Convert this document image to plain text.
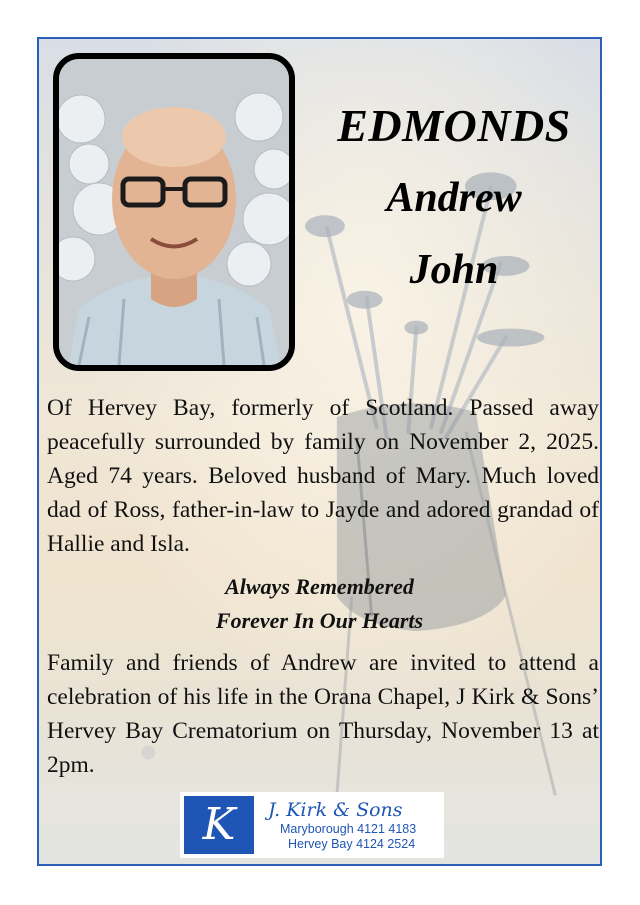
EDMONDS
Andrew
John
Of Hervey Bay, formerly of Scotland. Passed away peacefully surrounded by family on November 2, 2025. Aged 74 years. Beloved husband of Mary. Much loved dad of Ross, father-in-law to Jayde and adored grandad of Hallie and Isla.
Always Remembered
Forever In Our Hearts
Family and friends of Andrew are invited to attend a celebration of his life in the Orana Chapel, J Kirk & Sons’ Hervey Bay Crematorium on Thursday, November 13 at 2pm.
K J. Kirk & Sons
Maryborough 4121 4183
Hervey Bay 4124 2524
